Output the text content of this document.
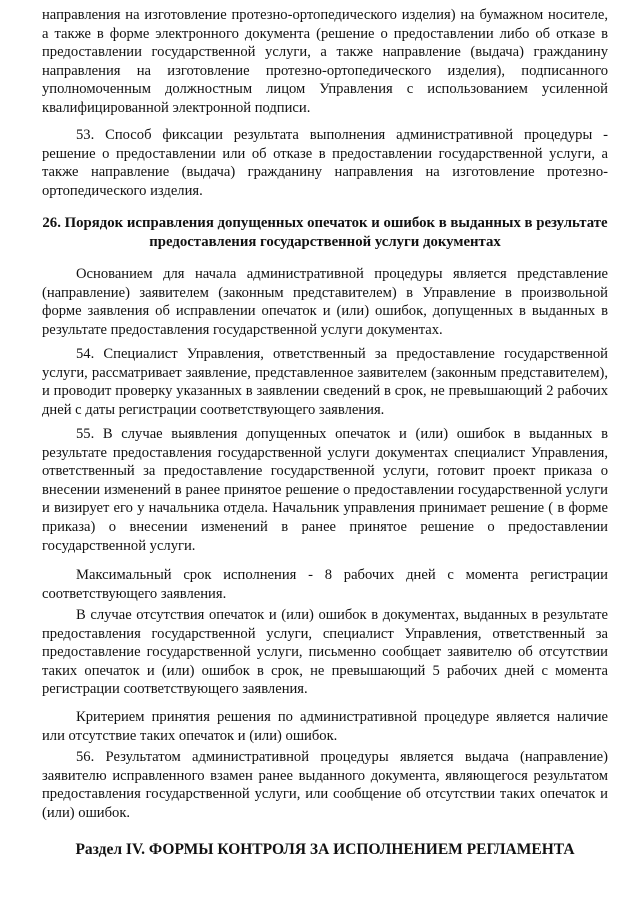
направления на изготовление протезно-ортопедического изделия) на бумажном носителе, а также в форме электронного документа (решение о предоставлении либо об отказе в предоставлении государственной услуги, а также направление (выдача) гражданину направления на изготовление протезно-ортопедического изделия), подписанного уполномоченным должностным лицом Управления с использованием усиленной квалифицированной электронной подписи.

53. Способ фиксации результата выполнения административной процедуры - решение о предоставлении или об отказе в предоставлении государственной услуги, а также направление (выдача) гражданину направления на изготовление протезно-ортопедического изделия.

26. Порядок исправления допущенных опечаток и ошибок в выданных в результате предоставления государственной услуги документах

Основанием для начала административной процедуры является представление (направление) заявителем (законным представителем) в Управление в произвольной форме заявления об исправлении опечаток и (или) ошибок, допущенных в выданных в результате предоставления государственной услуги документах.

54. Специалист Управления, ответственный за предоставление государственной услуги, рассматривает заявление, представленное заявителем (законным представителем), и проводит проверку указанных в заявлении сведений в срок, не превышающий 2 рабочих дней с даты регистрации соответствующего заявления.

55. В случае выявления допущенных опечаток и (или) ошибок в выданных в результате предоставления государственной услуги документах специалист Управления, ответственный за предоставление государственной услуги, готовит проект приказа о внесении изменений в ранее принятое решение о предоставлении государственной услуги и визирует его у начальника отдела. Начальник управления принимает решение ( в форме приказа) о внесении изменений в ранее принятое решение о предоставлении государственной услуги.

Максимальный срок исполнения - 8 рабочих дней с момента регистрации соответствующего заявления.

В случае отсутствия опечаток и (или) ошибок в документах, выданных в результате предоставления государственной услуги, специалист Управления, ответственный за предоставление государственной услуги, письменно сообщает заявителю об отсутствии таких опечаток и (или) ошибок в срок, не превышающий 5 рабочих дней с момента регистрации соответствующего заявления.

Критерием принятия решения по административной процедуре является наличие или отсутствие таких опечаток и (или) ошибок.

56. Результатом административной процедуры является выдача (направление) заявителю исправленного взамен ранее выданного документа, являющегося результатом предоставления государственной услуги, или сообщение об отсутствии таких опечаток и (или) ошибок.

Раздел IV. ФОРМЫ КОНТРОЛЯ ЗА ИСПОЛНЕНИЕМ РЕГЛАМЕНТА
